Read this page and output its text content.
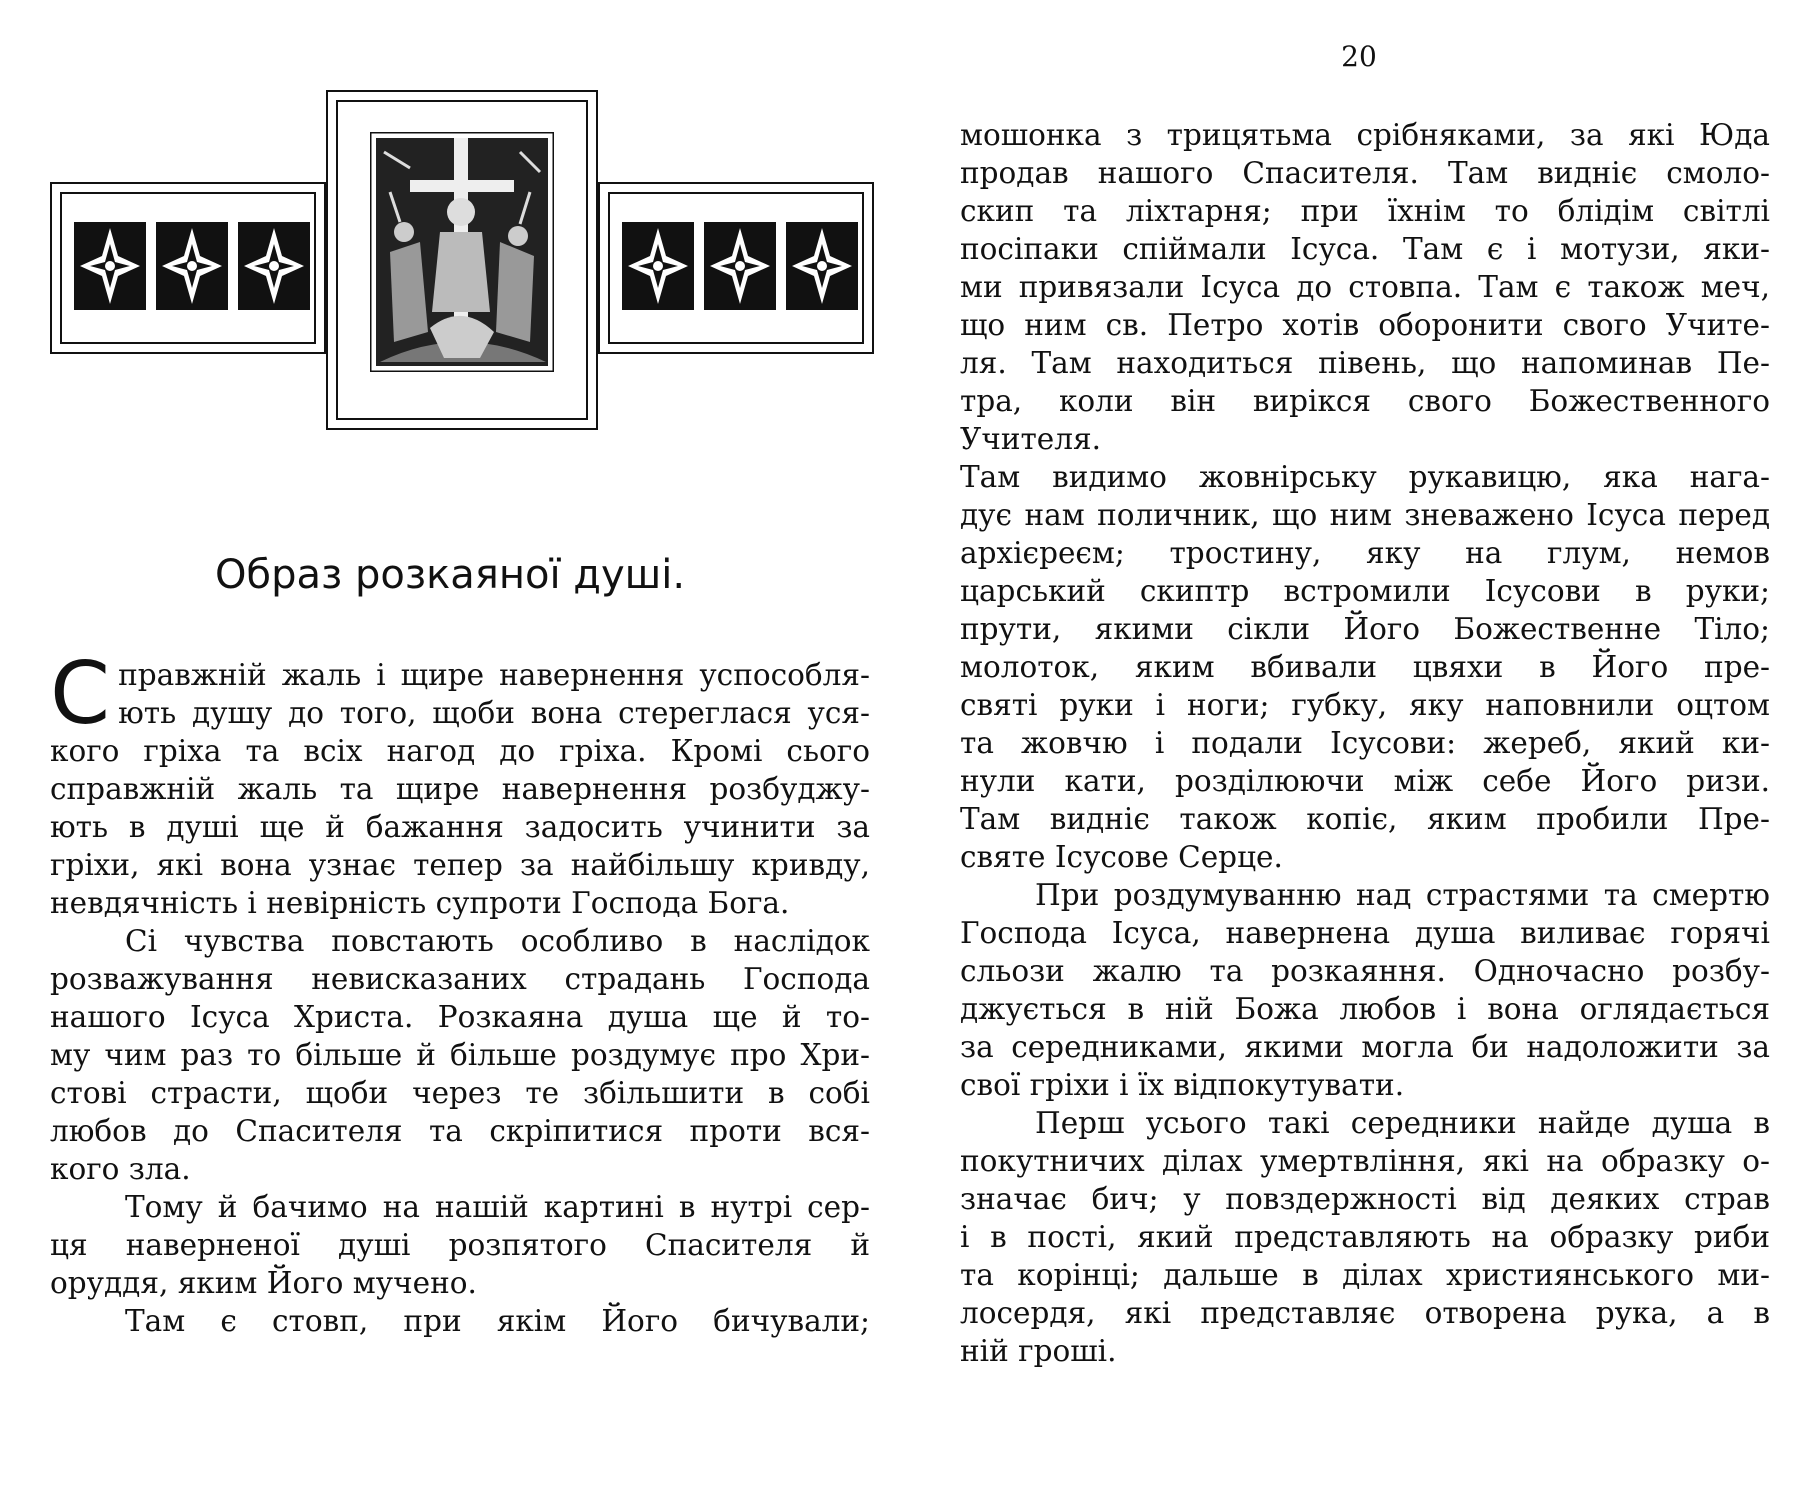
Образ розкаяної душі.

С правжній жаль і щире навернення успособля-
ють душу до того, щоби вона стереглася уся-
кого гріха та всіх нагод до гріха. Кромі сього
справжній жаль та щире навернення розбуджу-
ють в душі ще й бажання задосить учинити за
гріхи, які вона узнає тепер за найбільшу кривду,
невдячність і невірність супроти Господа Бога.

Сі чувства повстають особливо в наслідок
розважування невисказаних страдань Господа
нашого Ісуса Христа. Розкаяна душа ще й то-
му чим раз то більше й більше роздумує про Хри-
стові страсти, щоби через те збільшити в собі
любов до Спасителя та скріпитися проти вся-
кого зла.

Тому й бачимо на нашій картині в нутрі сер-
ця наверненої душі розпятого Спасителя й
оруддя, яким Його мучено.

Там є стовп, при якім Його бичували;

20

мошонка з трицятьма срібняками, за які Юда
продав нашого Спасителя. Там видніє смоло-
скип та ліхтарня; при їхнім то блідім світлі
посіпаки спіймали Ісуса. Там є і мотузи, яки-
ми привязали Ісуса до стовпа. Там є також меч,
що ним св. Петро хотів оборонити свого Учите-
ля. Там находиться півень, що напоминав Пе-
тра, коли він вирікся свого Божественного Учителя.
Там видимо жовнірську рукавицю, яка нага-
дує нам поличник, що ним зневажено Ісуса перед
архієреєм; тростину, яку на глум, немов
царський скиптр встромили Ісусови в руки;
прути, якими сікли Його Божественне Тіло;
молоток, яким вбивали цвяхи в Його пре-
святі руки і ноги; губку, яку наповнили оцтом
та жовчю і подали Ісусови: жереб, який ки-
нули кати, розділюючи між себе Його ризи.
Там видніє також копіє, яким пробили Пре-
святе Ісусове Серце.

При роздумуванню над страстями та смертю
Господа Ісуса, навернена душа виливає горячі
сльози жалю та розкаяння. Одночасно розбу-
джується в ній Божа любов і вона оглядається
за середниками, якими могла би надоложити за
свої гріхи і їх відпокутувати.

Перш усього такі середники найде душа в
покутничих ділах умертвління, які на образку о-
значає бич; у повздержності від деяких страв
і в пості, який представляють на образку риби
та корінці; дальше в ділах християнського ми-
лосердя, які представляє отворена рука, а в
ній гроші.
